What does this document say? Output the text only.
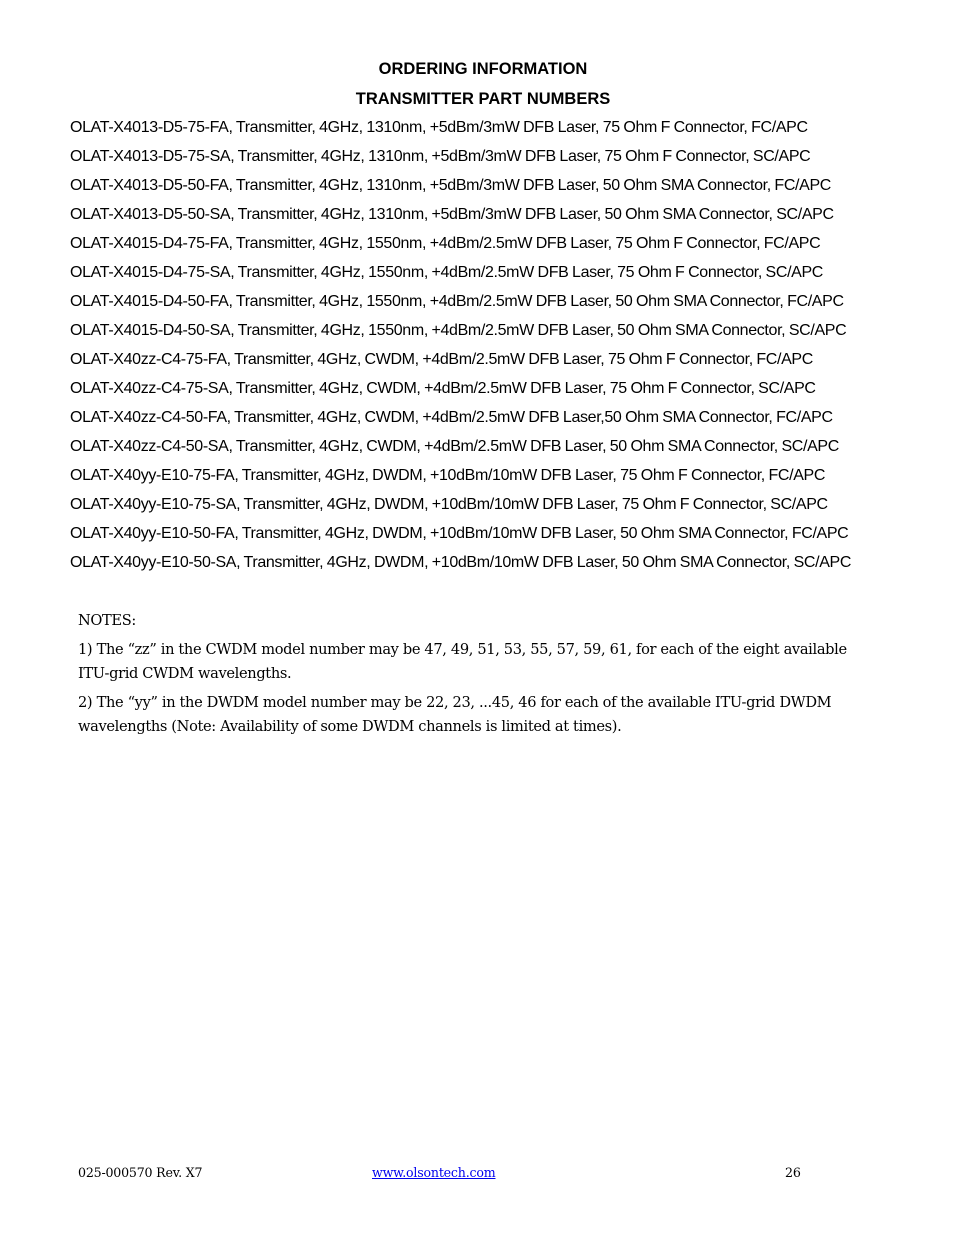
ORDERING INFORMATION
TRANSMITTER PART NUMBERS
OLAT-X4013-D5-75-FA, Transmitter, 4GHz, 1310nm, +5dBm/3mW DFB Laser, 75 Ohm F Connector, FC/APC
OLAT-X4013-D5-75-SA, Transmitter, 4GHz, 1310nm, +5dBm/3mW DFB Laser, 75 Ohm F Connector, SC/APC
OLAT-X4013-D5-50-FA, Transmitter, 4GHz, 1310nm, +5dBm/3mW DFB Laser, 50 Ohm SMA Connector, FC/APC
OLAT-X4013-D5-50-SA, Transmitter, 4GHz, 1310nm, +5dBm/3mW DFB Laser, 50 Ohm SMA Connector, SC/APC
OLAT-X4015-D4-75-FA, Transmitter, 4GHz, 1550nm, +4dBm/2.5mW DFB Laser, 75 Ohm F Connector, FC/APC
OLAT-X4015-D4-75-SA, Transmitter, 4GHz, 1550nm, +4dBm/2.5mW DFB Laser, 75 Ohm F Connector, SC/APC
OLAT-X4015-D4-50-FA, Transmitter, 4GHz, 1550nm, +4dBm/2.5mW DFB Laser, 50 Ohm SMA Connector, FC/APC
OLAT-X4015-D4-50-SA, Transmitter, 4GHz, 1550nm, +4dBm/2.5mW DFB Laser, 50 Ohm SMA Connector, SC/APC
OLAT-X40zz-C4-75-FA, Transmitter, 4GHz, CWDM, +4dBm/2.5mW DFB Laser, 75 Ohm F Connector, FC/APC
OLAT-X40zz-C4-75-SA, Transmitter, 4GHz, CWDM, +4dBm/2.5mW DFB Laser, 75 Ohm F Connector, SC/APC
OLAT-X40zz-C4-50-FA, Transmitter, 4GHz, CWDM, +4dBm/2.5mW DFB Laser,50 Ohm SMA Connector, FC/APC
OLAT-X40zz-C4-50-SA, Transmitter, 4GHz, CWDM, +4dBm/2.5mW DFB Laser, 50 Ohm SMA Connector, SC/APC
OLAT-X40yy-E10-75-FA, Transmitter, 4GHz, DWDM, +10dBm/10mW DFB Laser, 75 Ohm F Connector, FC/APC
OLAT-X40yy-E10-75-SA, Transmitter, 4GHz, DWDM, +10dBm/10mW DFB Laser, 75 Ohm F Connector, SC/APC
OLAT-X40yy-E10-50-FA, Transmitter, 4GHz, DWDM, +10dBm/10mW DFB Laser, 50 Ohm SMA Connector, FC/APC
OLAT-X40yy-E10-50-SA, Transmitter, 4GHz, DWDM, +10dBm/10mW DFB Laser, 50 Ohm SMA Connector, SC/APC
NOTES:
1) The “zz” in the CWDM model number may be 47, 49, 51, 53, 55, 57, 59, 61, for each of the eight available ITU-grid CWDM wavelengths.
2) The “yy” in the DWDM model number may be 22, 23, ...45, 46 for each of the available ITU-grid DWDM wavelengths (Note: Availability of some DWDM channels is limited at times).
025-000570 Rev. X7	www.olsontech.com	26
